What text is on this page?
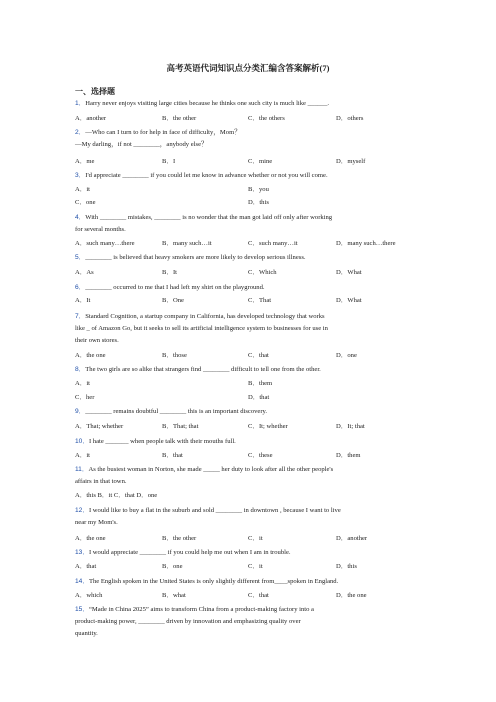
高考英语代词知识点分类汇编含答案解析(7)
一、选择题
1．Harry never enjoys visiting large cities because he thinks one such city is much like ______.
A．another	B．the other	C．the others	D．others
2．—Who can I turn to for help in face of difficulty，Mom？
—My darling，if not ________，anybody else？
A．me	B．I	C．mine	D．myself
3．I'd appreciate ________ if you could let me know in advance whether or not you will come.
A．it	B．you
C．one	D．this
4．With ________ mistakes, ________ is no wonder that the man got laid off only after working
for several months.
A．such many…there	B．many such…it	C．such many…it	D．many such…there
5．________ is believed that heavy smokers are more likely to develop serious illness.
A．As	B．It	C．Which	D．What
6．________ occurred to me that I had left my shirt on the playground.
A．It	B．One	C．That	D．What
7．Standard Cognition, a startup company in California, has developed technology that works
like _ of Amazon Go, but it seeks to sell its artificial intelligence system to businesses for use in
their own stores.
A．the one	B．those	C．that	D．one
8．The two girls are so alike that strangers find ________ difficult to tell one from the other.
A．it	B．them
C．her	D．that
9．________ remains doubtful ________ this is an important discovery.
A．That; whether	B．That; that	C．It; whether	D．It; that
10．I hate _______ when people talk with their mouths full.
A．it	B．that	C．these	D．them
11．As the busiest woman in Norton, she made _____ her duty to look after all the other people's
affairs in that town.
A．this B．it C．that D．one
12．I would like to buy a flat in the suburb and sold ________ in downtown , because I want to live
near my Mom's.
A．the one	B．the other	C．it	D．another
13．I would appreciate ________ if you could help me out when I am in trouble.
A．that	B．one	C．it	D．this
14．The English spoken in the United States is only slightly different from____spoken in England.
A．which	B．what	C．that	D．the one
15．“Made in China 2025” aims to transform China from a product-making factory into a
product-making power, ________ driven by innovation and emphasizing quality over
quantity.
